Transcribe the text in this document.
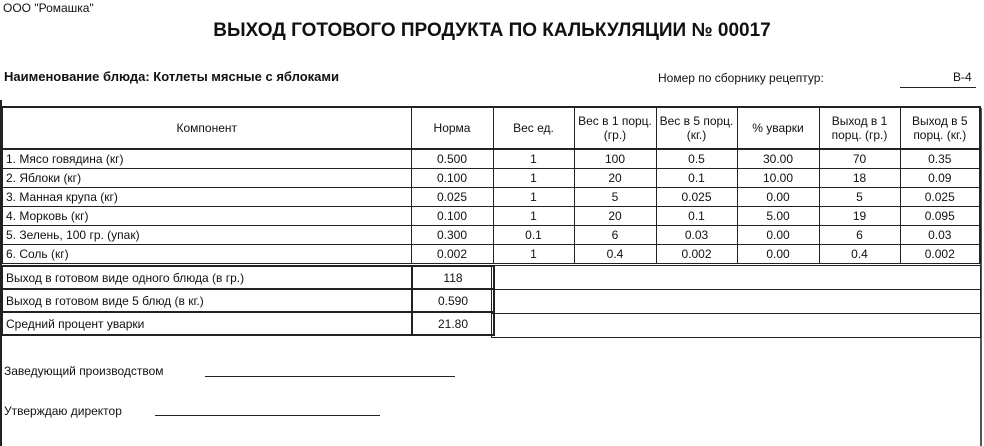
ООО "Ромашка"
ВЫХОД ГОТОВОГО ПРОДУКТА ПО КАЛЬКУЛЯЦИИ № 00017
Наименование блюда: Котлеты мясные с яблоками	Номер по сборнику рецептур:	В-4
Компонент	Норма	Вес ед.	Вес в 1 порц. (гр.)	Вес в 5 порц. (кг.)	% уварки	Выход в 1 порц. (гр.)	Выход в 5 порц. (кг.)
1. Мясо говядина (кг)	0.500	1	100	0.5	30.00	70	0.35
2. Яблоки (кг)	0.100	1	20	0.1	10.00	18	0.09
3. Манная крупа (кг)	0.025	1	5	0.025	0.00	5	0.025
4. Морковь (кг)	0.100	1	20	0.1	5.00	19	0.095
5. Зелень, 100 гр. (упак)	0.300	0.1	6	0.03	0.00	6	0.03
6. Соль (кг)	0.002	1	0.4	0.002	0.00	0.4	0.002
Выход в готовом виде одного блюда (в гр.)	118
Выход в готовом виде 5 блюд (в кг.)	0.590
Средний процент уварки	21.80

Заведующий производством
Утверждаю директор
